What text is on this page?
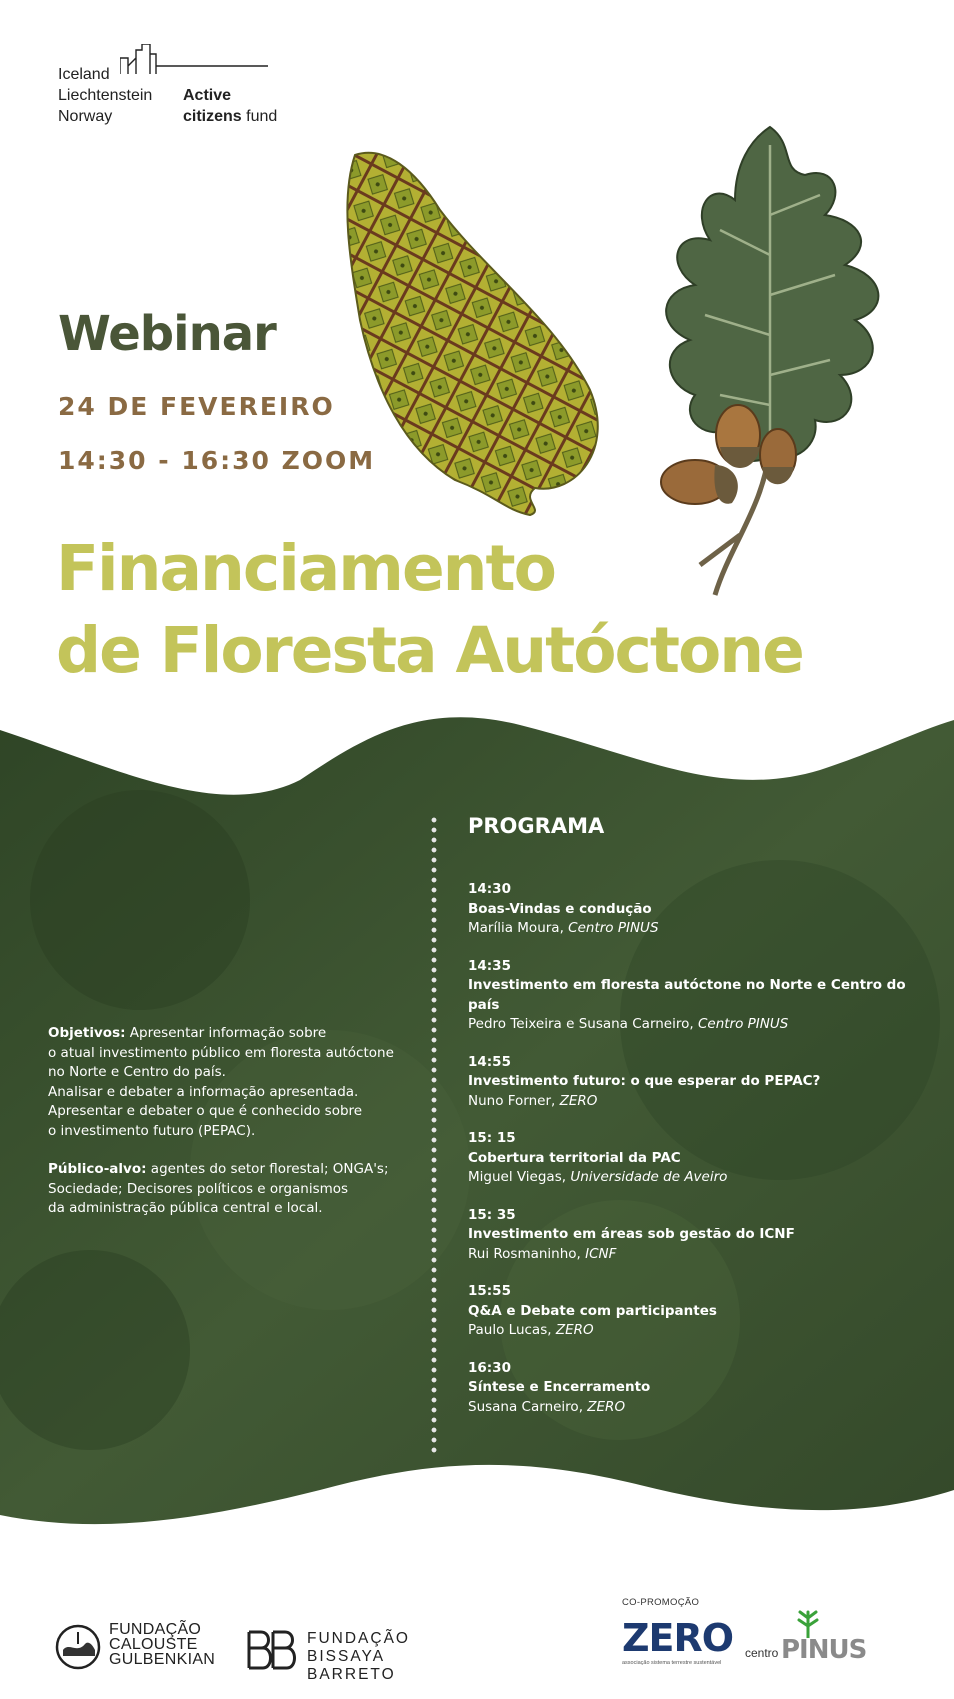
Iceland
Liechtenstein
Norway
Active
citizens fund
Webinar
24 DE FEVEREIRO
14:30 - 16:30 ZOOM
Financiamento
de Floresta Autóctone

Objetivos: Apresentar informação sobre
o atual investimento público em floresta autóctone
no Norte e Centro do país.
Analisar e debater a informação apresentada.
Apresentar e debater o que é conhecido sobre
o investimento futuro (PEPAC).

Público-alvo: agentes do setor florestal; ONGA's;
Sociedade; Decisores políticos e organismos
da administração pública central e local.

PROGRAMA
14:30
Boas-Vindas e condução
Marília Moura, Centro PINUS
14:35
Investimento em floresta autóctone no Norte e Centro do país
Pedro Teixeira e Susana Carneiro, Centro PINUS
14:55
Investimento futuro: o que esperar do PEPAC?
Nuno Forner, ZERO
15: 15
Cobertura territorial da PAC
Miguel Viegas, Universidade de Aveiro
15: 35
Investimento em áreas sob gestão do ICNF
Rui Rosmaninho, ICNF
15:55
Q&A e Debate com participantes
Paulo Lucas, ZERO
16:30
Síntese e Encerramento
Susana Carneiro, ZERO
FUNDAÇÃO
CALOUSTE
GULBENKIAN
FUNDAÇÃO
BISSAYA BARRETO
CO-PROMOÇÃO
ZERO
associação sistema terrestre sustentável
centro PINUS
